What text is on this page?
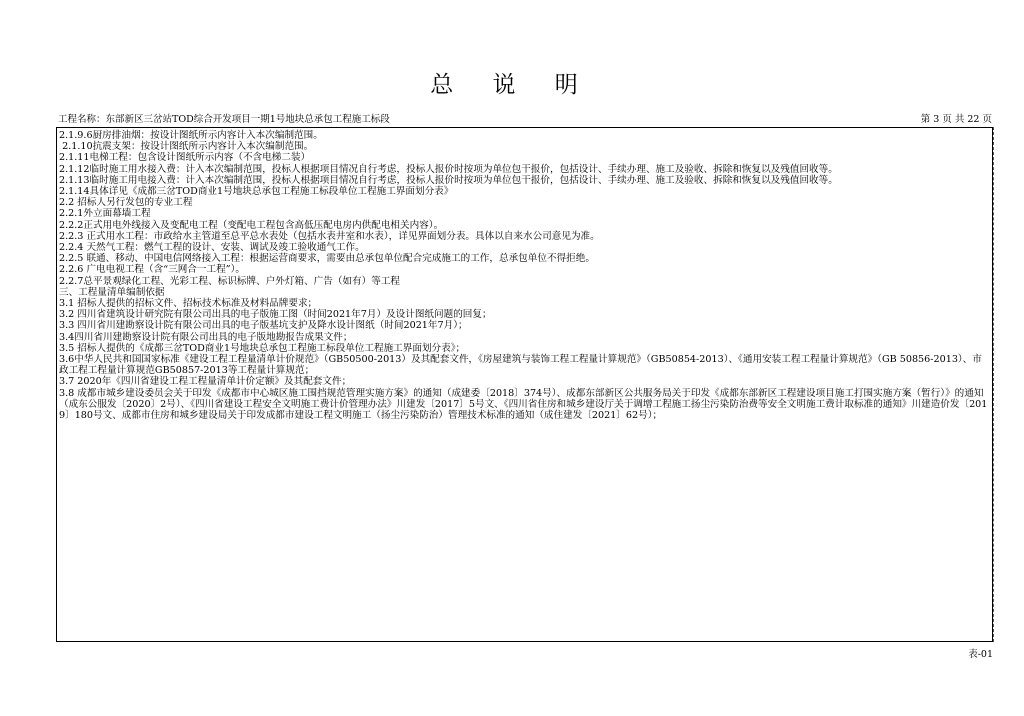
总 说 明
工程名称：东部新区三岔站TOD综合开发项目一期1号地块总承包工程施工标段	第 3 页 共 22 页

2.1.9.6厨房排油烟：按设计图纸所示内容计入本次编制范围。

2.1.10抗震支架：按设计图纸所示内容计入本次编制范围。

2.1.11电梯工程：包含设计图纸所示内容（不含电梯二装）

2.1.12临时施工用水接入费：计入本次编制范围，投标人根据项目情况自行考虑，投标人报价时按项为单位包干报价，包括设计、手续办理、施工及验收、拆除和恢复以及残值回收等。

2.1.13临时施工用电接入费：计入本次编制范围，投标人根据项目情况自行考虑，投标人报价时按项为单位包干报价，包括设计、手续办理、施工及验收、拆除和恢复以及残值回收等。

2.1.14具体详见《成都三岔TOD商业1号地块总承包工程施工标段单位工程施工界面划分表》

2.2 招标人另行发包的专业工程

2.2.1外立面幕墙工程

2.2.2正式用电外线接入及变配电工程（变配电工程包含高低压配电房内供配电相关内容）。

2.2.3 正式用水工程：市政给水主管道至总平总水表处（包括水表井室和水表），详见界面划分表。具体以自来水公司意见为准。

2.2.4 天然气工程：燃气工程的设计、安装、调试及竣工验收通气工作。

2.2.5 联通、移动、中国电信网络接入工程：根据运营商要求，需要由总承包单位配合完成施工的工作，总承包单位不得拒绝。

2.2.6 广电电视工程（含“三网合一工程”）。

2.2.7总平景观绿化工程、光彩工程、标识标牌、户外灯箱、广告（如有）等工程

三、工程量清单编制依据

3.1 招标人提供的招标文件、招标技术标准及材料品牌要求；

3.2 四川省建筑设计研究院有限公司出具的电子版施工图（时间2021年7月）及设计图纸问题的回复；

3.3 四川省川建勘察设计院有限公司出具的电子版基坑支护及降水设计图纸（时间2021年7月）；

3.4四川省川建勘察设计院有限公司出具的电子版地勘报告成果文件；

3.5 招标人提供的《成都三岔TOD商业1号地块总承包工程施工标段单位工程施工界面划分表》；

3.6中华人民共和国国家标准《建设工程工程量清单计价规范》（GB50500-2013）及其配套文件，《房屋建筑与装饰工程工程量计算规范》（GB50854-2013）、《通用安装工程工程量计算规范》（GB 50856-2013）、市政工程工程量计算规范GB50857-2013等工程量计算规范；

3.7 2020年《四川省建设工程工程量清单计价定额》及其配套文件；

3.8 成都市城乡建设委员会关于印发《成都市中心城区施工围挡规范管理实施方案》的通知（成建委〔2018〕374号）、成都东部新区公共服务局关于印发《成都东部新区工程建设项目施工打围实施方案（暂行）》的通知（成东公服发〔2020〕2号）、《四川省建设工程安全文明施工费计价管理办法》川建发〔2017〕5号文、《四川省住房和城乡建设厅关于调增工程施工扬尘污染防治费等安全文明施工费计取标准的通知》川建造价发〔2019〕180号文、成都市住房和城乡建设局关于印发成都市建设工程文明施工（扬尘污染防治）管理技术标准的通知（成住建发〔2021〕62号）；

表-01
